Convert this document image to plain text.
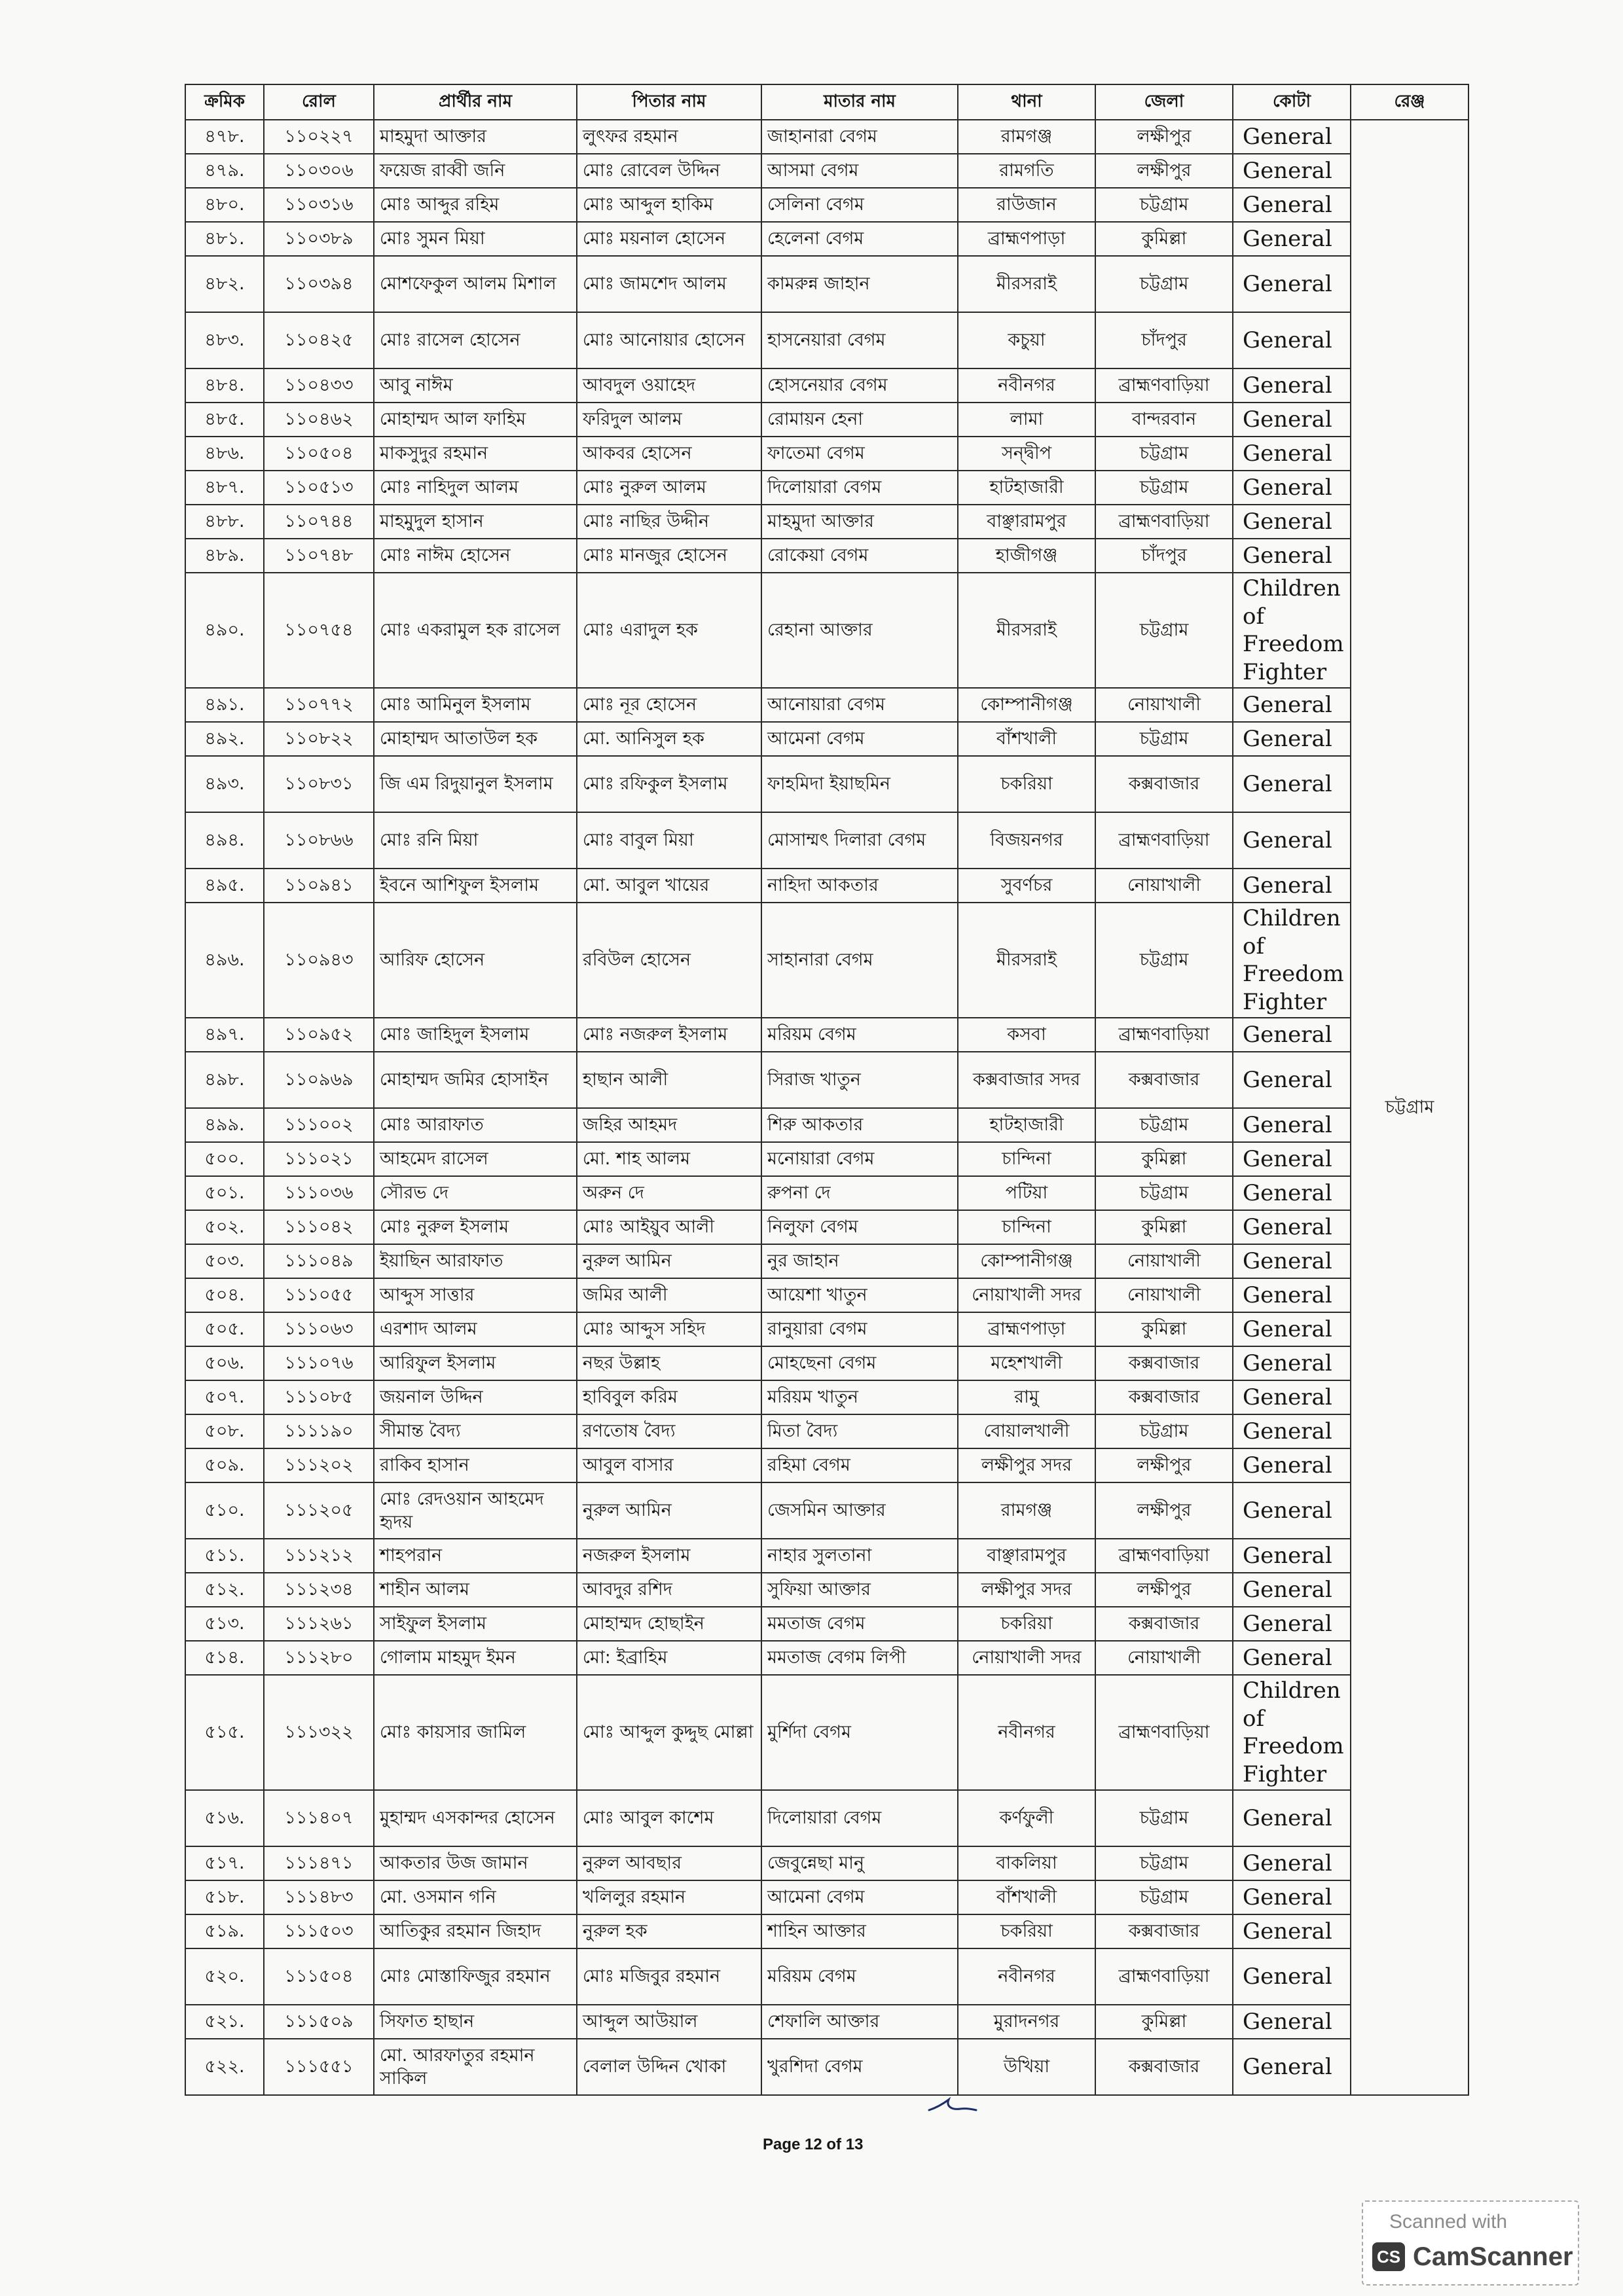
ক্রমিক	রোল	প্রার্থীর নাম	পিতার নাম	মাতার নাম	থানা	জেলা	কোটা	রেঞ্জ
৪৭৮.	১১০২২৭	মাহমুদা আক্তার	লুৎফর রহমান	জাহানারা বেগম	রামগঞ্জ	লক্ষীপুর	General	চট্টগ্রাম
৪৭৯.	১১০৩০৬	ফয়েজ রাব্বী জনি	মোঃ রোবেল উদ্দিন	আসমা বেগম	রামগতি	লক্ষীপুর	General	
৪৮০.	১১০৩১৬	মোঃ আব্দুর রহিম	মোঃ আব্দুল হাকিম	সেলিনা বেগম	রাউজান	চট্টগ্রাম	General	
৪৮১.	১১০৩৮৯	মোঃ সুমন মিয়া	মোঃ ময়নাল হোসেন	হেলেনা বেগম	ব্রাহ্মণপাড়া	কুমিল্লা	General	
৪৮২.	১১০৩৯৪	মোশফেকুল আলম মিশাল	মোঃ জামশেদ আলম	কামরুন্ন জাহান	মীরসরাই	চট্টগ্রাম	General	
৪৮৩.	১১০৪২৫	মোঃ রাসেল হোসেন	মোঃ আনোয়ার হোসেন	হাসনেয়ারা বেগম	কচুয়া	চাঁদপুর	General	
৪৮৪.	১১০৪৩৩	আবু নাঈম	আবদুল ওয়াহেদ	হোসনেয়ার বেগম	নবীনগর	ব্রাহ্মণবাড়িয়া	General	
৪৮৫.	১১০৪৬২	মোহাম্মদ আল ফাহিম	ফরিদুল আলম	রোমায়ন হেনা	লামা	বান্দরবান	General	
৪৮৬.	১১০৫০৪	মাকসুদুর রহমান	আকবর হোসেন	ফাতেমা বেগম	সন্দ্বীপ	চট্টগ্রাম	General	
৪৮৭.	১১০৫১৩	মোঃ নাহিদুল আলম	মোঃ নুরুল আলম	দিলোয়ারা বেগম	হাটহাজারী	চট্টগ্রাম	General	
৪৮৮.	১১০৭৪৪	মাহমুদুল হাসান	মোঃ নাছির উদ্দীন	মাহমুদা আক্তার	বাঞ্ছারামপুর	ব্রাহ্মণবাড়িয়া	General	
৪৮৯.	১১০৭৪৮	মোঃ নাঈম হোসেন	মোঃ মানজুর হোসেন	রোকেয়া বেগম	হাজীগঞ্জ	চাঁদপুর	General	
৪৯০.	১১০৭৫৪	মোঃ একরামুল হক রাসেল	মোঃ এরাদুল হক	রেহানা আক্তার	মীরসরাই	চট্টগ্রাম	Children of Freedom Fighter	
৪৯১.	১১০৭৭২	মোঃ আমিনুল ইসলাম	মোঃ নূর হোসেন	আনোয়ারা বেগম	কোম্পানীগঞ্জ	নোয়াখালী	General	
৪৯২.	১১০৮২২	মোহাম্মদ আতাউল হক	মো. আনিসুল হক	আমেনা বেগম	বাঁশখালী	চট্টগ্রাম	General	
৪৯৩.	১১০৮৩১	জি এম রিদুয়ানুল ইসলাম	মোঃ রফিকুল ইসলাম	ফাহমিদা ইয়াছমিন	চকরিয়া	কক্সবাজার	General	
৪৯৪.	১১০৮৬৬	মোঃ রনি মিয়া	মোঃ বাবুল মিয়া	মোসাম্মৎ দিলারা বেগম	বিজয়নগর	ব্রাহ্মণবাড়িয়া	General	
৪৯৫.	১১০৯৪১	ইবনে আশিফুল ইসলাম	মো. আবুল খায়ের	নাহিদা আকতার	সুবর্ণচর	নোয়াখালী	General	
৪৯৬.	১১০৯৪৩	আরিফ হোসেন	রবিউল হোসেন	সাহানারা বেগম	মীরসরাই	চট্টগ্রাম	Children of Freedom Fighter	
৪৯৭.	১১০৯৫২	মোঃ জাহিদুল ইসলাম	মোঃ নজরুল ইসলাম	মরিয়ম বেগম	কসবা	ব্রাহ্মণবাড়িয়া	General	
৪৯৮.	১১০৯৬৯	মোহাম্মদ জমির হোসাইন	হাছান আলী	সিরাজ খাতুন	কক্সবাজার সদর	কক্সবাজার	General	
৪৯৯.	১১১০০২	মোঃ আরাফাত	জহির আহমদ	শিরু আকতার	হাটহাজারী	চট্টগ্রাম	General	
৫০০.	১১১০২১	আহমেদ রাসেল	মো. শাহ আলম	মনোয়ারা বেগম	চান্দিনা	কুমিল্লা	General	
৫০১.	১১১০৩৬	সৌরভ দে	অরুন দে	রুপনা দে	পটিয়া	চট্টগ্রাম	General	
৫০২.	১১১০৪২	মোঃ নুরুল ইসলাম	মোঃ আইয়ুব আলী	নিলুফা বেগম	চান্দিনা	কুমিল্লা	General	
৫০৩.	১১১০৪৯	ইয়াছিন আরাফাত	নুরুল আমিন	নুর জাহান	কোম্পানীগঞ্জ	নোয়াখালী	General	
৫০৪.	১১১০৫৫	আব্দুস সাত্তার	জমির আলী	আয়েশা খাতুন	নোয়াখালী সদর	নোয়াখালী	General	
৫০৫.	১১১০৬৩	এরশাদ আলম	মোঃ আব্দুস সহিদ	রানুয়ারা বেগম	ব্রাহ্মণপাড়া	কুমিল্লা	General	
৫০৬.	১১১০৭৬	আরিফুল ইসলাম	নছর উল্লাহ	মোহছেনা বেগম	মহেশখালী	কক্সবাজার	General	
৫০৭.	১১১০৮৫	জয়নাল উদ্দিন	হাবিবুল করিম	মরিয়ম খাতুন	রামু	কক্সবাজার	General	
৫০৮.	১১১১৯০	সীমান্ত বৈদ্য	রণতোষ বৈদ্য	মিতা বৈদ্য	বোয়ালখালী	চট্টগ্রাম	General	
৫০৯.	১১১২০২	রাকিব হাসান	আবুল বাসার	রহিমা বেগম	লক্ষীপুর সদর	লক্ষীপুর	General	
৫১০.	১১১২০৫	মোঃ রেদওয়ান আহমেদ হৃদয়	নুরুল আমিন	জেসমিন আক্তার	রামগঞ্জ	লক্ষীপুর	General	
৫১১.	১১১২১২	শাহপরান	নজরুল ইসলাম	নাহার সুলতানা	বাঞ্ছারামপুর	ব্রাহ্মণবাড়িয়া	General	
৫১২.	১১১২৩৪	শাহীন আলম	আবদুর রশিদ	সুফিয়া আক্তার	লক্ষীপুর সদর	লক্ষীপুর	General	
৫১৩.	১১১২৬১	সাইফুল ইসলাম	মোহাম্মদ হোছাইন	মমতাজ বেগম	চকরিয়া	কক্সবাজার	General	
৫১৪.	১১১২৮০	গোলাম মাহমুদ ইমন	মো: ইব্রাহিম	মমতাজ বেগম লিপী	নোয়াখালী সদর	নোয়াখালী	General	
৫১৫.	১১১৩২২	মোঃ কায়সার জামিল	মোঃ আব্দুল কুদ্দুছ মোল্লা	মুর্শিদা বেগম	নবীনগর	ব্রাহ্মণবাড়িয়া	Children of Freedom Fighter	
৫১৬.	১১১৪০৭	মুহাম্মদ এসকান্দর হোসেন	মোঃ আবুল কাশেম	দিলোয়ারা বেগম	কর্ণফুলী	চট্টগ্রাম	General	
৫১৭.	১১১৪৭১	আকতার উজ জামান	নুরুল আবছার	জেবুন্নেছা মানু	বাকলিয়া	চট্টগ্রাম	General	
৫১৮.	১১১৪৮৩	মো. ওসমান গনি	খলিলুর রহমান	আমেনা বেগম	বাঁশখালী	চট্টগ্রাম	General	
৫১৯.	১১১৫০৩	আতিকুর রহমান জিহাদ	নুরুল হক	শাহিন আক্তার	চকরিয়া	কক্সবাজার	General	
৫২০.	১১১৫০৪	মোঃ মোস্তাফিজুর রহমান	মোঃ মজিবুর রহমান	মরিয়ম বেগম	নবীনগর	ব্রাহ্মণবাড়িয়া	General	
৫২১.	১১১৫০৯	সিফাত হাছান	আব্দুল আউয়াল	শেফালি আক্তার	মুরাদনগর	কুমিল্লা	General	
৫২২.	১১১৫৫১	মো. আরফাতুর রহমান সাকিল	বেলাল উদ্দিন খোকা	খুরশিদা বেগম	উখিয়া	কক্সবাজার	General	
Page 12 of 13
Scanned with
CS CamScanner
